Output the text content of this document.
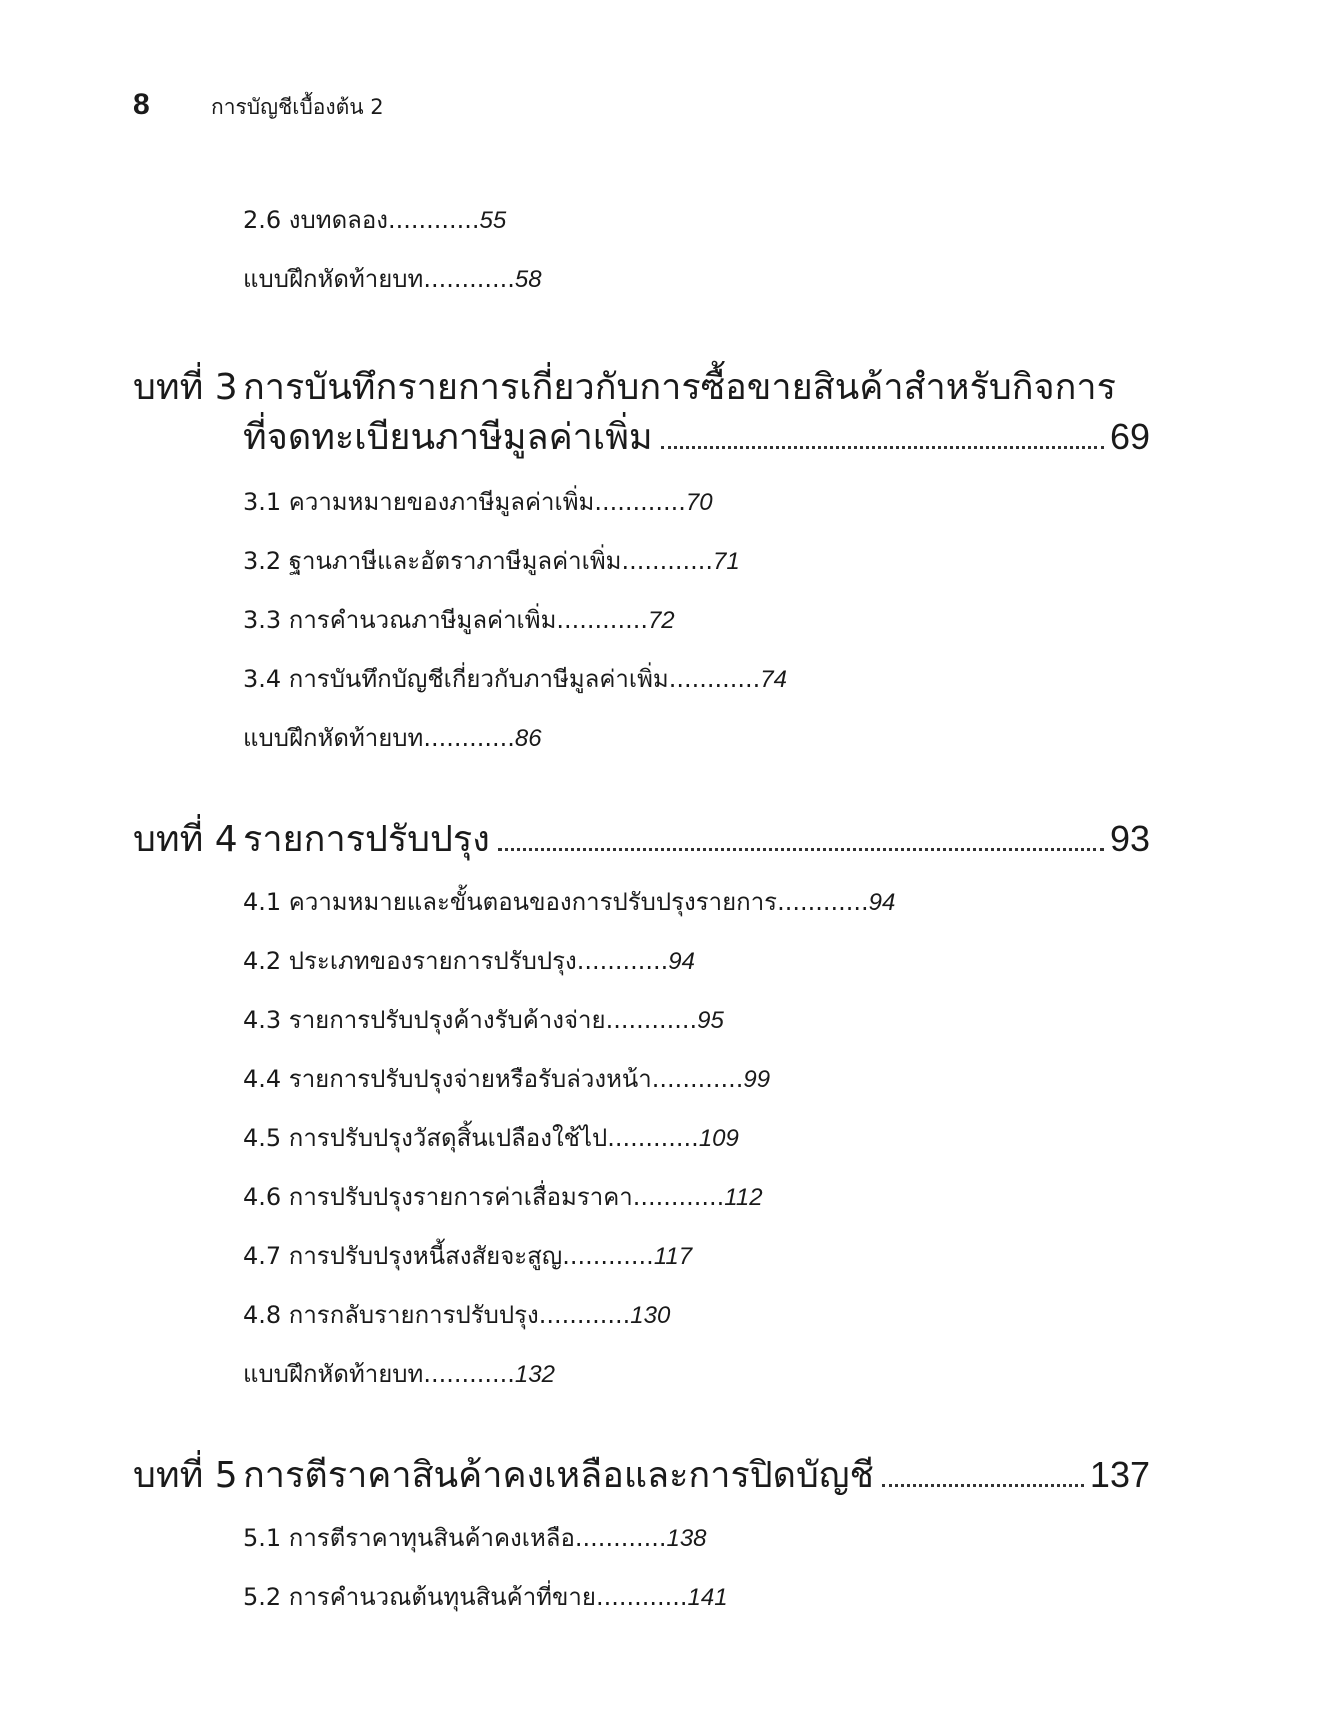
8	การบัญชีเบื้องต้น 2
2.6 งบทดลอง............55
แบบฝึกหัดท้ายบท............58
บทที่ 3 การบันทึกรายการเกี่ยวกับการซื้อขายสินค้าสำหรับกิจการ
ที่จดทะเบียนภาษีมูลค่าเพิ่ม	69
3.1 ความหมายของภาษีมูลค่าเพิ่ม............70
3.2 ฐานภาษีและอัตราภาษีมูลค่าเพิ่ม............71
3.3 การคำนวณภาษีมูลค่าเพิ่ม............72
3.4 การบันทึกบัญชีเกี่ยวกับภาษีมูลค่าเพิ่ม............74
แบบฝึกหัดท้ายบท............86
บทที่ 4 รายการปรับปรุง	93
4.1 ความหมายและขั้นตอนของการปรับปรุงรายการ............94
4.2 ประเภทของรายการปรับปรุง............94
4.3 รายการปรับปรุงค้างรับค้างจ่าย............95
4.4 รายการปรับปรุงจ่ายหรือรับล่วงหน้า............99
4.5 การปรับปรุงวัสดุสิ้นเปลืองใช้ไป............109
4.6 การปรับปรุงรายการค่าเสื่อมราคา............112
4.7 การปรับปรุงหนี้สงสัยจะสูญ............117
4.8 การกลับรายการปรับปรุง............130
แบบฝึกหัดท้ายบท............132
บทที่ 5 การตีราคาสินค้าคงเหลือและการปิดบัญชี	137
5.1 การตีราคาทุนสินค้าคงเหลือ............138
5.2 การคำนวณต้นทุนสินค้าที่ขาย............141
